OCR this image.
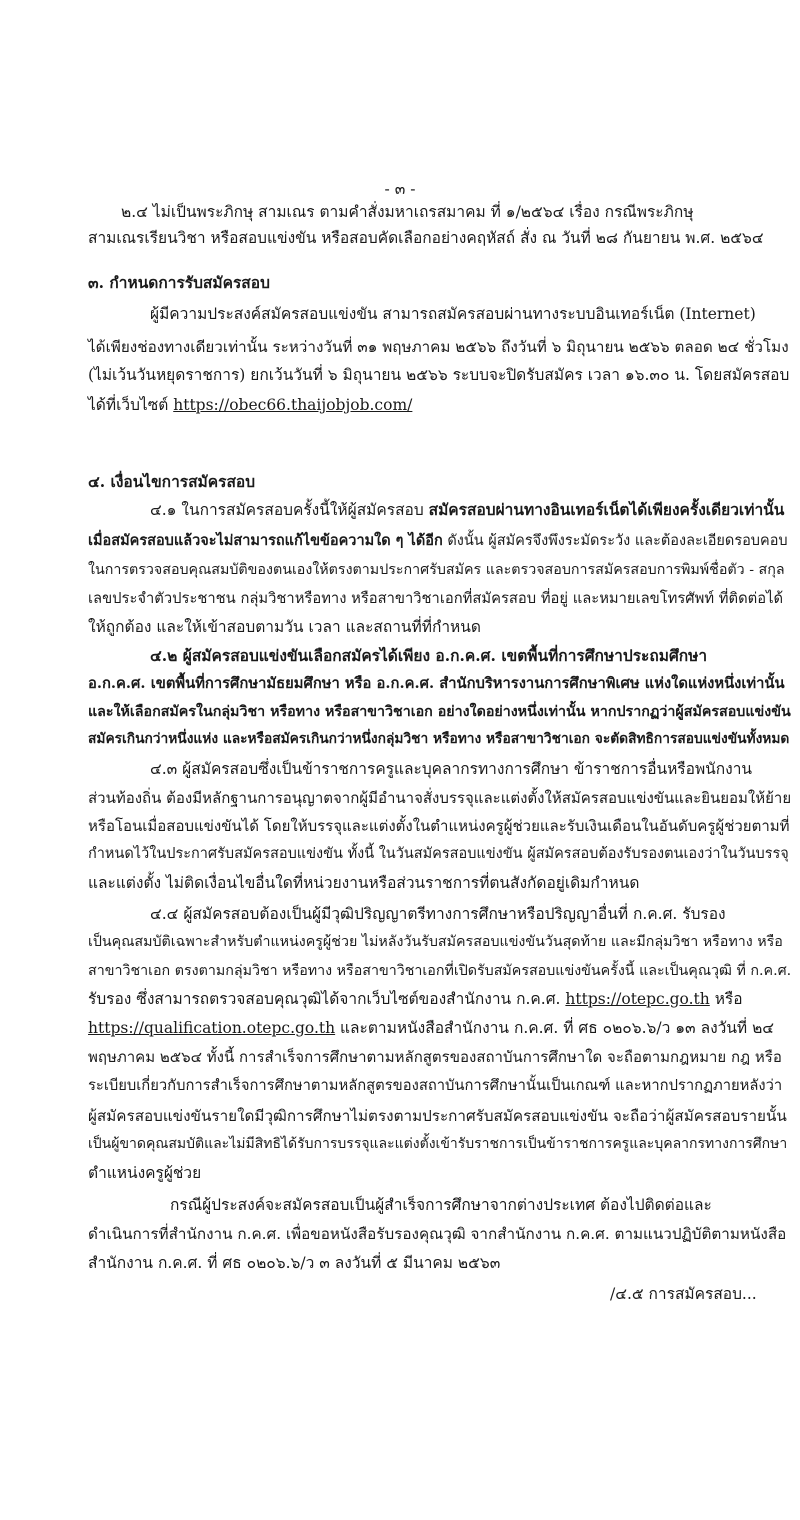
- ๓ -
๒.๔ ไม่เป็นพระภิกษุ สามเณร ตามคำสั่งมหาเถรสมาคม ที่ ๑/๒๕๖๔ เรื่อง กรณีพระภิกษุ
สามเณรเรียนวิชา หรือสอบแข่งขัน หรือสอบคัดเลือกอย่างคฤหัสถ์ สั่ง ณ วันที่ ๒๘ กันยายน พ.ศ. ๒๕๖๔
๓. กำหนดการรับสมัครสอบ
ผู้มีความประสงค์สมัครสอบแข่งขัน สามารถสมัครสอบผ่านทางระบบอินเทอร์เน็ต (Internet)
ได้เพียงช่องทางเดียวเท่านั้น ระหว่างวันที่ ๓๑ พฤษภาคม ๒๕๖๖ ถึงวันที่ ๖ มิถุนายน ๒๕๖๖ ตลอด ๒๔ ชั่วโมง
(ไม่เว้นวันหยุดราชการ) ยกเว้นวันที่ ๖ มิถุนายน ๒๕๖๖ ระบบจะปิดรับสมัคร เวลา ๑๖.๓๐ น. โดยสมัครสอบ
ได้ที่เว็บไซต์ https://obec66.thaijobjob.com/
๔. เงื่อนไขการสมัครสอบ
๔.๑ ในการสมัครสอบครั้งนี้ให้ผู้สมัครสอบ สมัครสอบผ่านทางอินเทอร์เน็ตได้เพียงครั้งเดียวเท่านั้น
เมื่อสมัครสอบแล้วจะไม่สามารถแก้ไขข้อความใด ๆ ได้อีก ดังนั้น ผู้สมัครจึงพึงระมัดระวัง และต้องละเอียดรอบคอบ
ในการตรวจสอบคุณสมบัติของตนเองให้ตรงตามประกาศรับสมัคร และตรวจสอบการสมัครสอบการพิมพ์ชื่อตัว - สกุล
เลขประจำตัวประชาชน กลุ่มวิชาหรือทาง หรือสาขาวิชาเอกที่สมัครสอบ ที่อยู่ และหมายเลขโทรศัพท์ ที่ติดต่อได้
ให้ถูกต้อง และให้เข้าสอบตามวัน เวลา และสถานที่ที่กำหนด
๔.๒ ผู้สมัครสอบแข่งขันเลือกสมัครได้เพียง อ.ก.ค.ศ. เขตพื้นที่การศึกษาประถมศึกษา
อ.ก.ค.ศ. เขตพื้นที่การศึกษามัธยมศึกษา หรือ อ.ก.ค.ศ. สำนักบริหารงานการศึกษาพิเศษ แห่งใดแห่งหนึ่งเท่านั้น
และให้เลือกสมัครในกลุ่มวิชา หรือทาง หรือสาขาวิชาเอก อย่างใดอย่างหนึ่งเท่านั้น หากปรากฏว่าผู้สมัครสอบแข่งขัน
สมัครเกินกว่าหนึ่งแห่ง และหรือสมัครเกินกว่าหนึ่งกลุ่มวิชา หรือทาง หรือสาขาวิชาเอก จะตัดสิทธิการสอบแข่งขันทั้งหมด
๔.๓ ผู้สมัครสอบซึ่งเป็นข้าราชการครูและบุคลากรทางการศึกษา ข้าราชการอื่นหรือพนักงาน
ส่วนท้องถิ่น ต้องมีหลักฐานการอนุญาตจากผู้มีอำนาจสั่งบรรจุและแต่งตั้งให้สมัครสอบแข่งขันและยินยอมให้ย้าย
หรือโอนเมื่อสอบแข่งขันได้ โดยให้บรรจุและแต่งตั้งในตำแหน่งครูผู้ช่วยและรับเงินเดือนในอันดับครูผู้ช่วยตามที่
กำหนดไว้ในประกาศรับสมัครสอบแข่งขัน ทั้งนี้ ในวันสมัครสอบแข่งขัน ผู้สมัครสอบต้องรับรองตนเองว่าในวันบรรจุ
และแต่งตั้ง ไม่ติดเงื่อนไขอื่นใดที่หน่วยงานหรือส่วนราชการที่ตนสังกัดอยู่เดิมกำหนด
๔.๔ ผู้สมัครสอบต้องเป็นผู้มีวุฒิปริญญาตรีทางการศึกษาหรือปริญญาอื่นที่ ก.ค.ศ. รับรอง
เป็นคุณสมบัติเฉพาะสำหรับตำแหน่งครูผู้ช่วย ไม่หลังวันรับสมัครสอบแข่งขันวันสุดท้าย และมีกลุ่มวิชา หรือทาง หรือ
สาขาวิชาเอก ตรงตามกลุ่มวิชา หรือทาง หรือสาขาวิชาเอกที่เปิดรับสมัครสอบแข่งขันครั้งนี้ และเป็นคุณวุฒิ ที่ ก.ค.ศ.
รับรอง ซึ่งสามารถตรวจสอบคุณวุฒิได้จากเว็บไซต์ของสำนักงาน ก.ค.ศ. https://otepc.go.th หรือ
https://qualification.otepc.go.th และตามหนังสือสำนักงาน ก.ค.ศ. ที่ ศธ ๐๒๐๖.๖/ว ๑๓ ลงวันที่ ๒๔
พฤษภาคม ๒๕๖๔ ทั้งนี้ การสำเร็จการศึกษาตามหลักสูตรของสถาบันการศึกษาใด จะถือตามกฎหมาย กฎ หรือ
ระเบียบเกี่ยวกับการสำเร็จการศึกษาตามหลักสูตรของสถาบันการศึกษานั้นเป็นเกณฑ์ และหากปรากฏภายหลังว่า
ผู้สมัครสอบแข่งขันรายใดมีวุฒิการศึกษาไม่ตรงตามประกาศรับสมัครสอบแข่งขัน จะถือว่าผู้สมัครสอบรายนั้น
เป็นผู้ขาดคุณสมบัติและไม่มีสิทธิได้รับการบรรจุและแต่งตั้งเข้ารับราชการเป็นข้าราชการครูและบุคลากรทางการศึกษา
ตำแหน่งครูผู้ช่วย
กรณีผู้ประสงค์จะสมัครสอบเป็นผู้สำเร็จการศึกษาจากต่างประเทศ ต้องไปติดต่อและ
ดำเนินการที่สำนักงาน ก.ค.ศ. เพื่อขอหนังสือรับรองคุณวุฒิ จากสำนักงาน ก.ค.ศ. ตามแนวปฏิบัติตามหนังสือ
สำนักงาน ก.ค.ศ. ที่ ศธ ๐๒๐๖.๖/ว ๓ ลงวันที่ ๕ มีนาคม ๒๕๖๓
/๔.๕ การสมัครสอบ...
